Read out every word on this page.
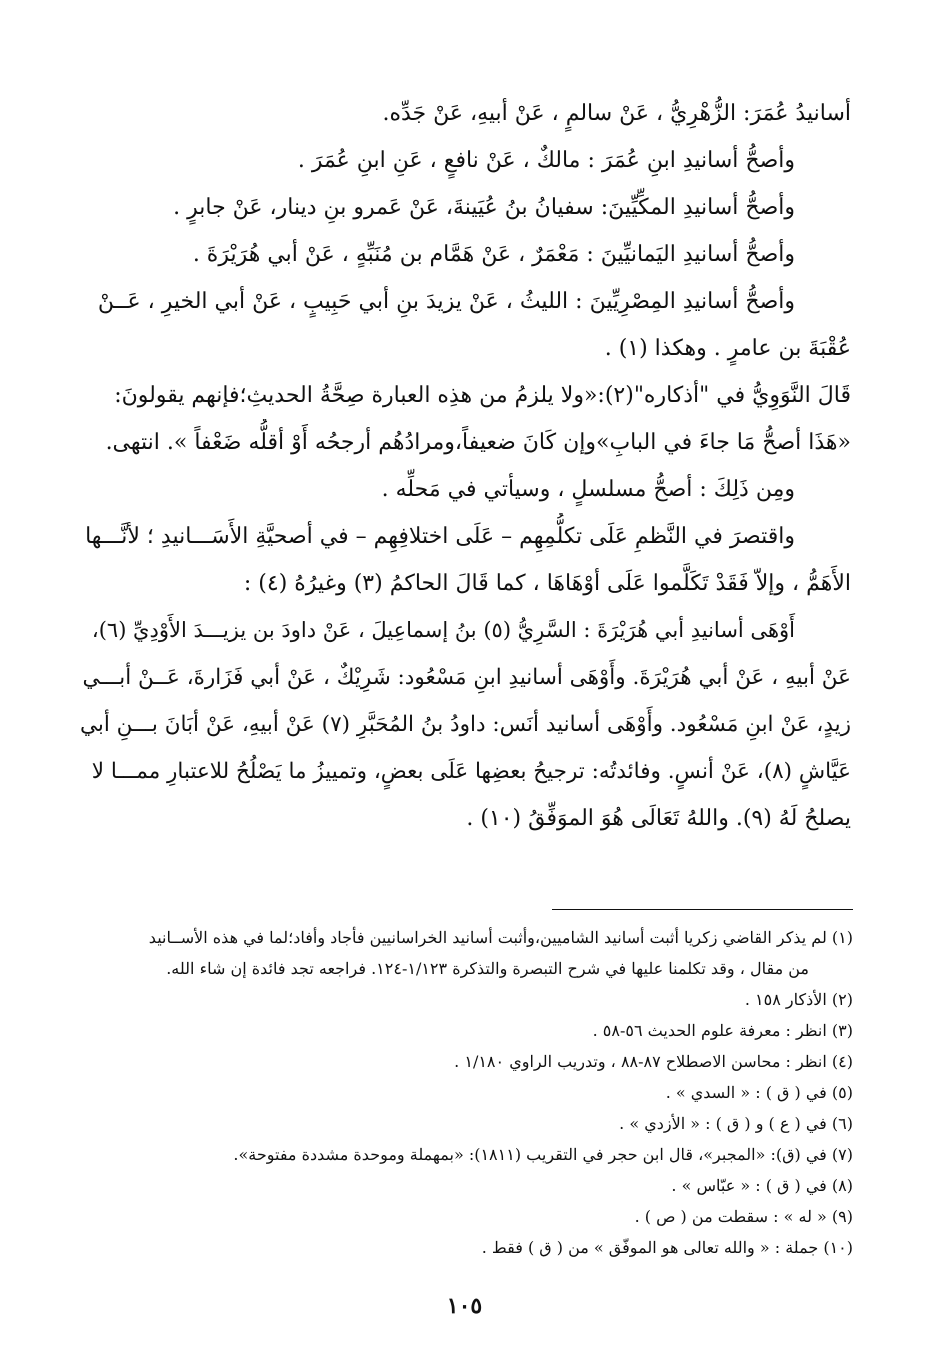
أسانيدُ عُمَرَ: الزُّهْرِيُّ ، عَنْ سالمٍ ، عَنْ أبيهِ، عَنْ جَدِّه.

وأصحُّ أسانيدِ ابنِ عُمَرَ : مالكٌ ، عَنْ نافعٍ ، عَنِ ابنِ عُمَرَ .

وأصحُّ أسانيدِ المكِّيِّينَ: سفيانُ بنُ عُيَينةَ، عَنْ عَمرو بنِ دينار، عَنْ جابرٍ .

وأصحُّ أسانيدِ اليَمانيِّينَ : مَعْمَرٌ ، عَنْ هَمَّام بن مُنَبِّهٍ ، عَنْ أبي هُرَيْرَةَ .

وأصحُّ أسانيدِ المِصْرِيِّينَ : الليثُ ، عَنْ يزيدَ بنِ أبي حَبِيبٍ ، عَنْ أبي الخيرِ ، عَــنْ

عُقْبَةَ بن عامرٍ . وهكذا (١) .

قَالَ النَّوَوِيُّ في "أذكاره"(٢):«ولا يلزمُ من هذِه العبارة صِحَّةُ الحديثِ؛فإنهم يقولونَ:

«هَذَا أصحُّ مَا جاءَ في البابِ»وإن كَانَ ضعيفاً،ومرادُهُم أرجحُه أَوْ أقلُّه ضَعْفاً ». انتهى.

ومِن ذَلِكَ : أصحُّ مسلسلٍ ، وسيأتي في مَحلِّه .

واقتصرَ في النَّظمِ عَلَى تكلُّمِهِم – عَلَى اختلافِهِم – في أصحيَّةِ الأَسَـــانيدِ ؛ لأنَّـــها

الأَهَمُّ ، وإلاّ فَقَدْ تَكَلَّموا عَلَى أوْهَاهَا ، كما قَالَ الحاكمُ (٣) وغيرُهُ (٤) :

أَوْهَى أسانيدِ أبي هُرَيْرَةَ : السَّرِيُّ (٥) بنُ إسماعِيلَ ، عَنْ داودَ بن يزيـــدَ الأَوْدِيِّ (٦)،

عَنْ أبيهِ ، عَنْ أبي هُرَيْرَةَ. وأَوْهَى أسانيدِ ابنِ مَسْعُود: شَرِيْكٌ ، عَنْ أبي فَزَارةَ، عَــنْ أبـــي

زيدٍ، عَنْ ابنِ مَسْعُود. وأَوْهَى أسانيد أنَس: داودُ بنُ المُحَبَّرِ (٧) عَنْ أبيهِ، عَنْ أبَانَ بـــنِ أبي

عَيَّاشٍ (٨)، عَنْ أنسٍ. وفائدتُه: ترجيحُ بعضِها عَلَى بعضٍ، وتمييزُ ما يَصْلُحُ للاعتبارِ ممـــا لا

يصلحُ لَهُ (٩). واللهُ تَعَالَى هُوَ الموَفِّقُ (١٠) .

(١) لم يذكر القاضي زكريا أثبت أسانيد الشاميين،وأثبت أسانيد الخراسانيين فأجاد وأفاد؛لما في هذه الأســانيد
من مقال ، وقد تكلمنا عليها في شرح التبصرة والتذكرة ١/١٢٣-١٢٤. فراجعه تجد فائدة إن شاء الله.
(٢) الأذكار ١٥٨ .
(٣) انظر : معرفة علوم الحديث ٥٦-٥٨ .
(٤) انظر : محاسن الاصطلاح ٨٧-٨٨ ، وتدريب الراوي ١/١٨٠ .
(٥) في ( ق ) : « السدي » .
(٦) في ( ع ) و ( ق ) : « الأزدي » .
(٧) في (ق): «المجبر»، قال ابن حجر في التقريب (١٨١١): «بمهملة وموحدة مشددة مفتوحة».
(٨) في ( ق ) : « عبّاس » .
(٩) « له » : سقطت من ( ص ) .
(١٠) جملة : « والله تعالى هو الموفّق » من ( ق ) فقط .
١٠٥
